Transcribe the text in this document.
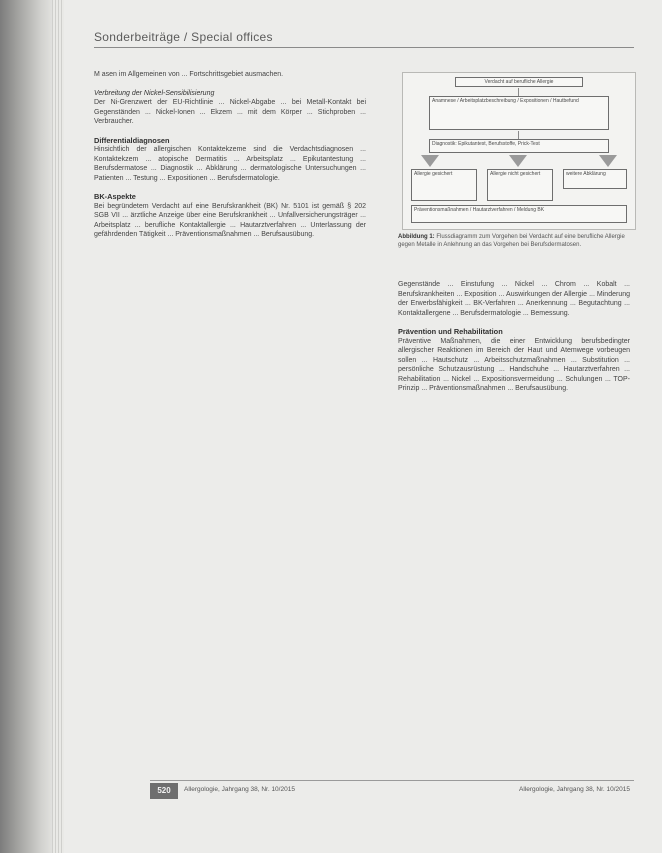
Sonderbeiträge / Special offices

M asen im Allgemeinen von ... Fortschrittsgebiet ausmachen.

Verbreitung der Nickel-Sensibilisierung

Der Ni-Grenzwert der EU-Richtlinie ... Nickel-Abgabe ... bei Metall-Kontakt bei Gegenständen ... Nickel-Ionen ... Ekzem ... mit dem Körper ... Stichproben ... Verbraucher.

Differentialdiagnosen

Hinsichtlich der allergischen Kontaktekzeme sind die Verdachtsdiagnosen ... Kontaktekzem ... atopische Dermatitis ... Arbeitsplatz ... Epikutantestung ... Berufsdermatose ... Diagnostik ... Abklärung ... dermatologische Untersuchungen ... Patienten ... Testung ... Expositionen ... Berufsdermatologie.

BK-Aspekte

Bei begründetem Verdacht auf eine Berufskrankheit (BK) Nr. 5101 ist gemäß § 202 SGB VII ... ärztliche Anzeige über eine Berufskrankheit ... Unfallversicherungsträger ... Arbeitsplatz ... berufliche Kontaktallergie ... Hautarztverfahren ... Unterlassung der gefährdenden Tätigkeit ... Präventionsmaßnahmen ... Berufsausübung.

Verdacht auf berufliche Allergie
Anamnese / Arbeitsplatzbeschreibung / Expositionen / Hautbefund
Diagnostik: Epikutantest, Berufsstoffe, Prick-Test
Allergie gesichert	Allergie nicht gesichert	weitere Abklärung
Präventionsmaßnahmen / Hautarztverfahren / Meldung BK
Abbildung 1: Flussdiagramm zum Vorgehen bei Verdacht auf eine berufliche Allergie gegen Metalle in Anlehnung an das Vorgehen bei Berufsdermatosen.

Gegenstände ... Einstufung ... Nickel ... Chrom ... Kobalt ... Berufskrankheiten ... Exposition ... Auswirkungen der Allergie ... Minderung der Erwerbsfähigkeit ... BK-Verfahren ... Anerkennung ... Begutachtung ... Kontaktallergene ... Berufsdermatologie ... Bemessung.

Prävention und Rehabilitation

Präventive Maßnahmen, die einer Entwicklung berufsbedingter allergischer Reaktionen im Bereich der Haut und Atemwege vorbeugen sollen ... Hautschutz ... Arbeitsschutzmaßnahmen ... Substitution ... persönliche Schutzausrüstung ... Handschuhe ... Hautarztverfahren ... Rehabilitation ... Nickel ... Expositionsvermeidung ... Schulungen ... TOP-Prinzip ... Präventionsmaßnahmen ... Berufsausübung.

520	Allergologie, Jahrgang 38, Nr. 10/2015	Allergologie, Jahrgang 38, Nr. 10/2015
